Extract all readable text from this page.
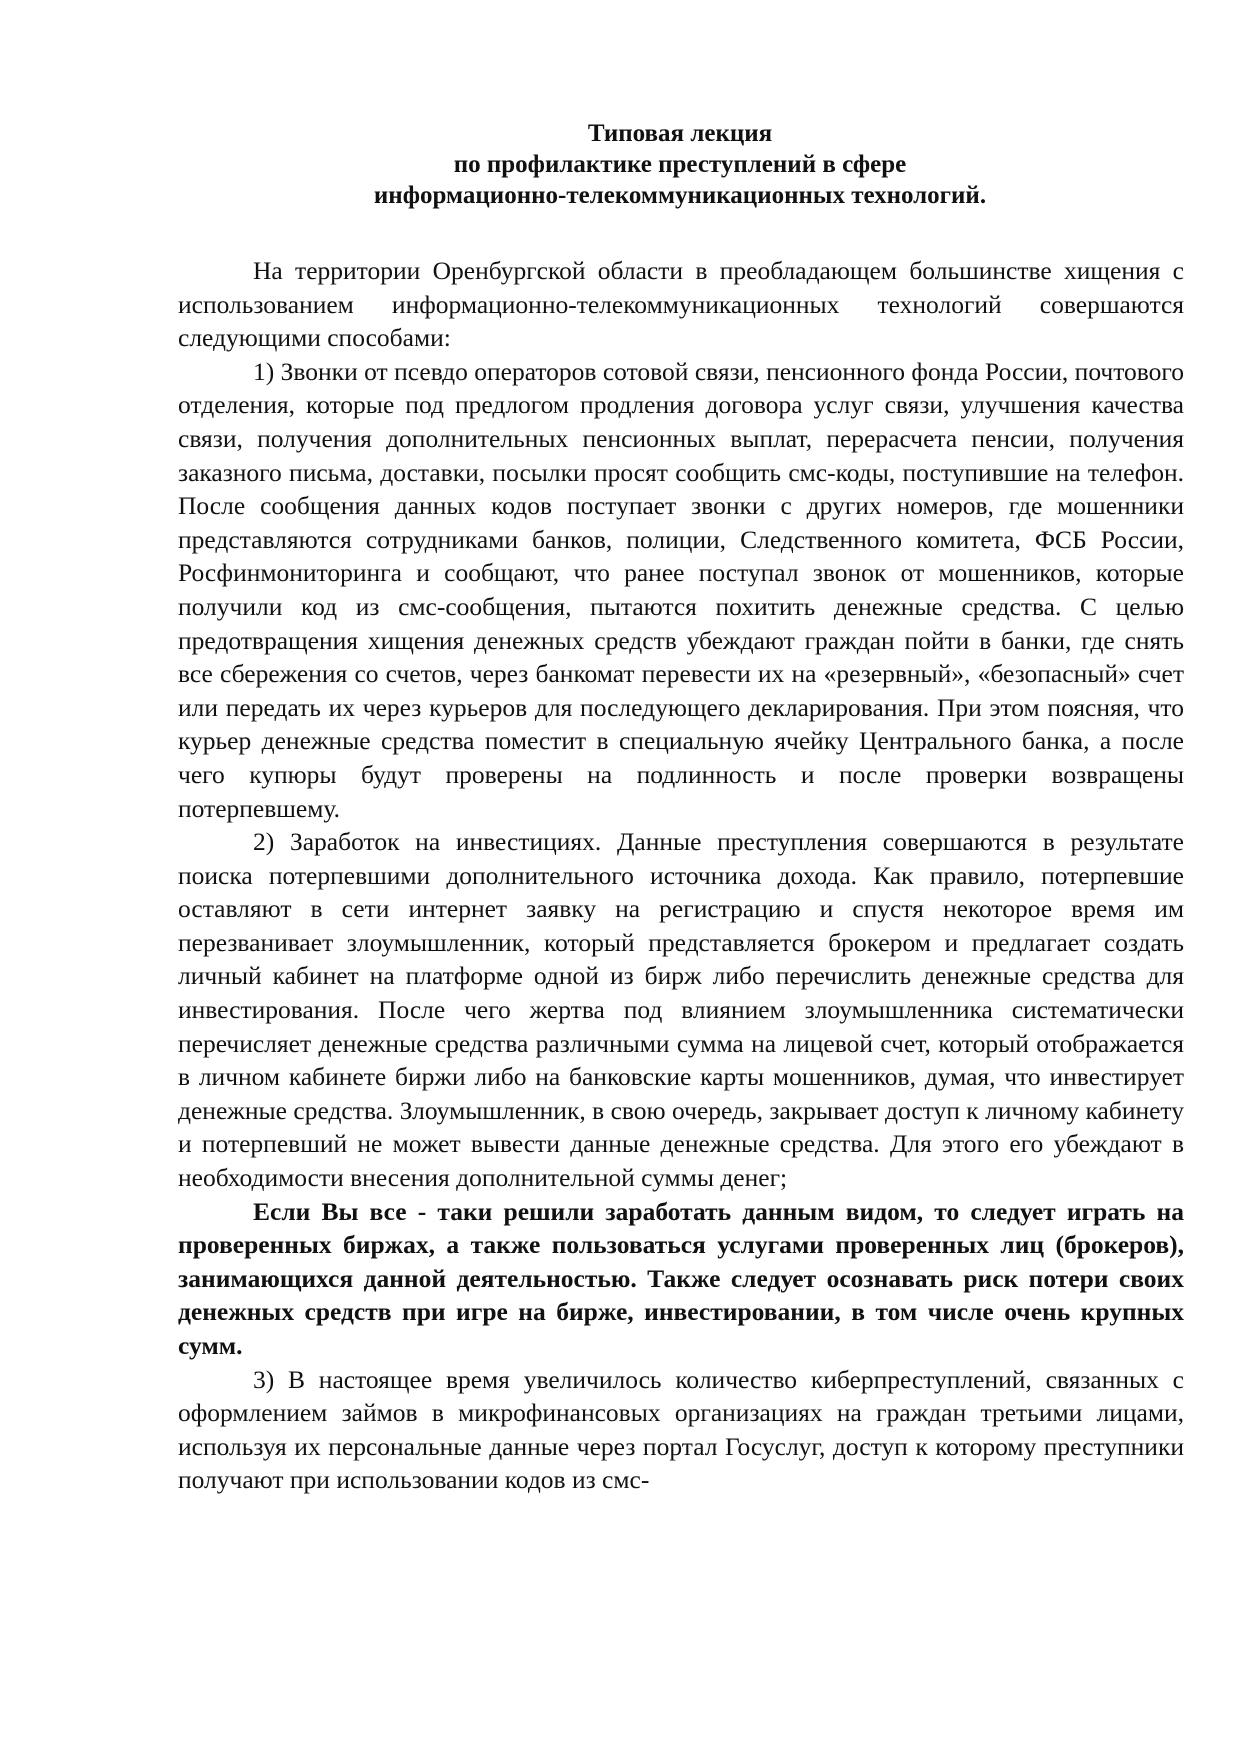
Типовая лекция
по профилактике преступлений в сфере
информационно-телекоммуникационных технологий.

На территории Оренбургской области в преобладающем большинстве хищения с использованием информационно-телекоммуникационных технологий совершаются следующими способами:

1) Звонки от псевдо операторов сотовой связи, пенсионного фонда России, почтового отделения, которые под предлогом продления договора услуг связи, улучшения качества связи, получения дополнительных пенсионных выплат, перерасчета пенсии, получения заказного письма, доставки, посылки просят сообщить смс-коды, поступившие на телефон. После сообщения данных кодов поступает звонки с других номеров, где мошенники представляются сотрудниками банков, полиции, Следственного комитета, ФСБ России, Росфинмониторинга и сообщают, что ранее поступал звонок от мошенников, которые получили код из смс-сообщения, пытаются похитить денежные средства. С целью предотвращения хищения денежных средств убеждают граждан пойти в банки, где снять все сбережения со счетов, через банкомат перевести их на «резервный», «безопасный» счет или передать их через курьеров для последующего декларирования. При этом поясняя, что курьер денежные средства поместит в специальную ячейку Центрального банка, а после чего купюры будут проверены на подлинность и после проверки возвращены потерпевшему.

2) Заработок на инвестициях. Данные преступления совершаются в результате поиска потерпевшими дополнительного источника дохода. Как правило, потерпевшие оставляют в сети интернет заявку на регистрацию и спустя некоторое время им перезванивает злоумышленник, который представляется брокером и предлагает создать личный кабинет на платформе одной из бирж либо перечислить денежные средства для инвестирования. После чего жертва под влиянием злоумышленника систематически перечисляет денежные средства различными сумма на лицевой счет, который отображается в личном кабинете биржи либо на банковские карты мошенников, думая, что инвестирует денежные средства. Злоумышленник, в свою очередь, закрывает доступ к личному кабинету и потерпевший не может вывести данные денежные средства. Для этого его убеждают в необходимости внесения дополнительной суммы денег;

Если Вы все - таки решили заработать данным видом, то следует играть на проверенных биржах, а также пользоваться услугами проверенных лиц (брокеров), занимающихся данной деятельностью. Также следует осознавать риск потери своих денежных средств при игре на бирже, инвестировании, в том числе очень крупных сумм.

3) В настоящее время увеличилось количество киберпреступлений, связанных с оформлением займов в микрофинансовых организациях на граждан третьими лицами, используя их персональные данные через портал Госуслуг, доступ к которому преступники получают при использовании кодов из смс-
